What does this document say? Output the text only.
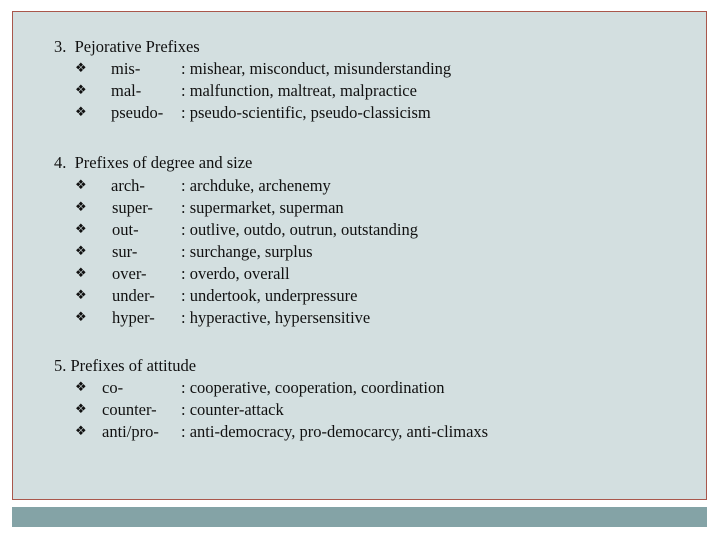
3.  Pejorative Prefixes
❖ mis- : mishear, misconduct, misunderstanding
❖ mal- : malfunction, maltreat, malpractice
❖ pseudo- : pseudo-scientific, pseudo-classicism
4.  Prefixes of degree and size
❖ arch- : archduke, archenemy
❖ super- : supermarket, superman
❖ out-	: outlive, outdo, outrun, outstanding
❖ sur-	: surchange, surplus
❖ over- : overdo, overall
❖ under- : undertook, underpressure
❖ hyper- : hyperactive, hypersensitive
5. Prefixes of attitude
❖ co-	: cooperative, cooperation, coordination
❖ counter- : counter-attack
❖ anti/pro- : anti-democracy, pro-democarcy, anti-climaxs
